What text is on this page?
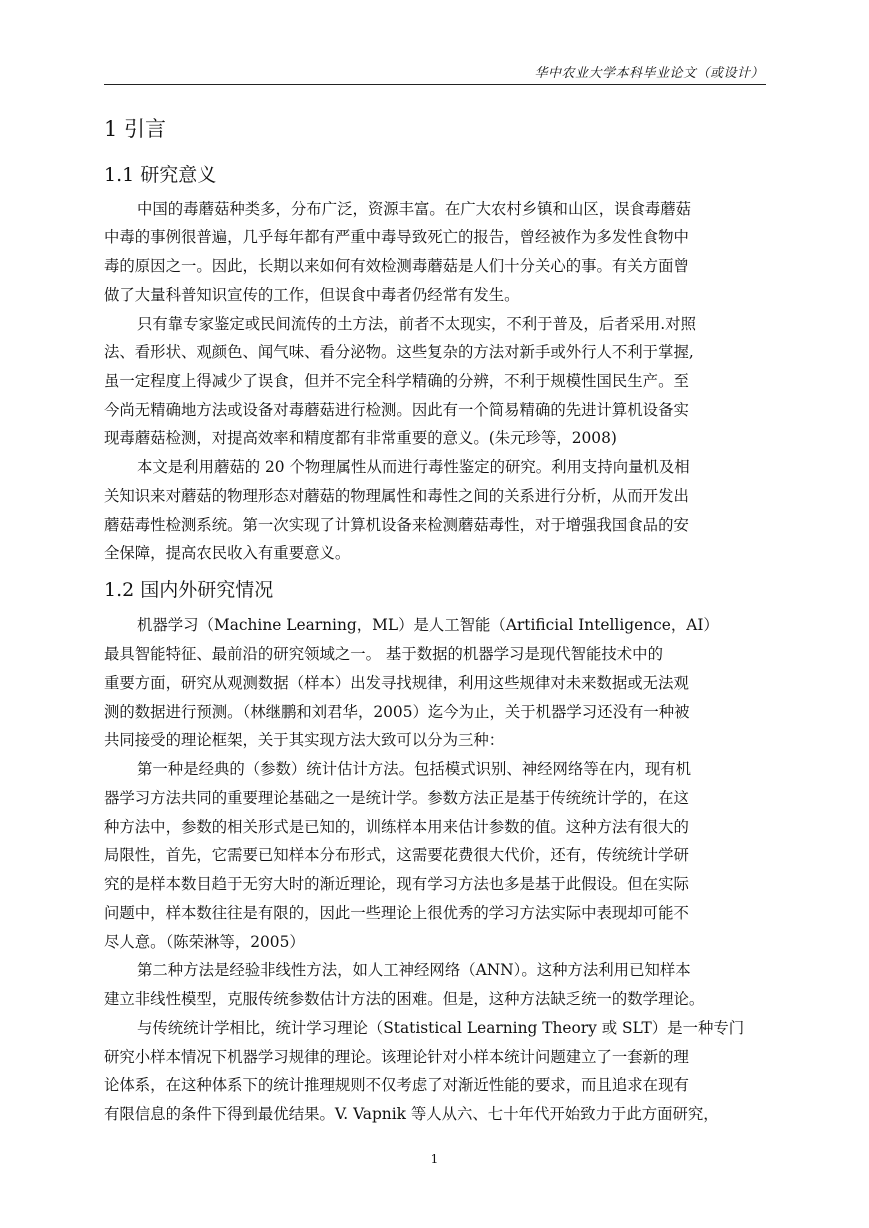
华中农业大学本科毕业论文（或设计）
1 引言
1.1 研究意义
中国的毒蘑菇种类多，分布广泛，资源丰富。在广大农村乡镇和山区，误食毒蘑菇
中毒的事例很普遍，几乎每年都有严重中毒导致死亡的报告，曾经被作为多发性食物中
毒的原因之一。因此，长期以来如何有效检测毒蘑菇是人们十分关心的事。有关方面曾
做了大量科普知识宣传的工作，但误食中毒者仍经常有发生。
只有靠专家鉴定或民间流传的土方法，前者不太现实，不利于普及，后者采用.对照
法、看形状、观颜色、闻气味、看分泌物。这些复杂的方法对新手或外行人不利于掌握,
虽一定程度上得减少了误食，但并不完全科学精确的分辨，不利于规模性国民生产。至
今尚无精确地方法或设备对毒蘑菇进行检测。因此有一个简易精确的先进计算机设备实
现毒蘑菇检测，对提高效率和精度都有非常重要的意义。(朱元珍等，2008)
本文是利用蘑菇的 20 个物理属性从而进行毒性鉴定的研究。利用支持向量机及相
关知识来对蘑菇的物理形态对蘑菇的物理属性和毒性之间的关系进行分析，从而开发出
蘑菇毒性检测系统。第一次实现了计算机设备来检测蘑菇毒性，对于增强我国食品的安
全保障，提高农民收入有重要意义。
1.2 国内外研究情况
机器学习（Machine Learning，ML）是人工智能（Artificial Intelligence，AI）
最具智能特征、最前沿的研究领域之一。 基于数据的机器学习是现代智能技术中的
重要方面，研究从观测数据（样本）出发寻找规律，利用这些规律对未来数据或无法观
测的数据进行预测。（林继鹏和刘君华，2005）迄今为止，关于机器学习还没有一种被
共同接受的理论框架，关于其实现方法大致可以分为三种：
第一种是经典的（参数）统计估计方法。包括模式识别、神经网络等在内，现有机
器学习方法共同的重要理论基础之一是统计学。参数方法正是基于传统统计学的，在这
种方法中，参数的相关形式是已知的，训练样本用来估计参数的值。这种方法有很大的
局限性，首先，它需要已知样本分布形式，这需要花费很大代价，还有，传统统计学研
究的是样本数目趋于无穷大时的渐近理论，现有学习方法也多是基于此假设。但在实际
问题中，样本数往往是有限的，因此一些理论上很优秀的学习方法实际中表现却可能不
尽人意。（陈荣淋等，2005）
第二种方法是经验非线性方法，如人工神经网络（ANN）。这种方法利用已知样本
建立非线性模型，克服传统参数估计方法的困难。但是，这种方法缺乏统一的数学理论。
与传统统计学相比，统计学习理论（Statistical Learning Theory 或 SLT）是一种专门
研究小样本情况下机器学习规律的理论。该理论针对小样本统计问题建立了一套新的理
论体系，在这种体系下的统计推理规则不仅考虑了对渐近性能的要求，而且追求在现有
有限信息的条件下得到最优结果。V. Vapnik 等人从六、七十年代开始致力于此方面研究，
1
